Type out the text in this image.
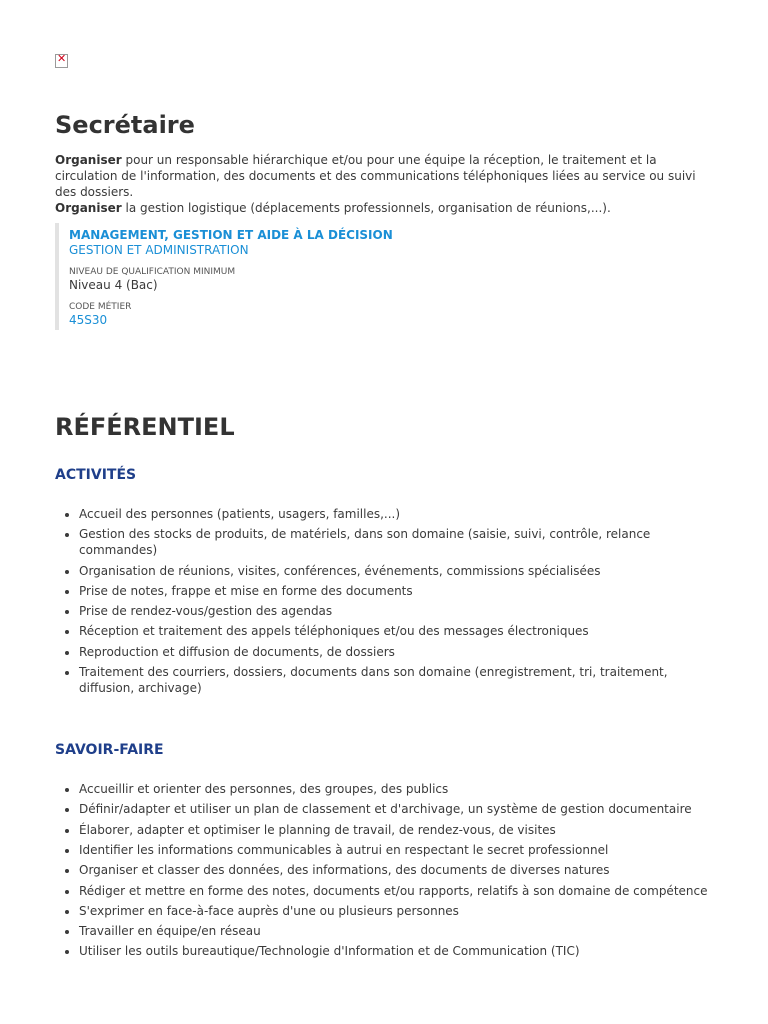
✕
Secrétaire
Organiser pour un responsable hiérarchique et/ou pour une équipe la réception, le traitement et la circulation de l'information, des documents et des communications téléphoniques liées au service ou suivi des dossiers.
Organiser la gestion logistique (déplacements professionnels, organisation de réunions,...).
MANAGEMENT, GESTION ET AIDE À LA DÉCISION
GESTION ET ADMINISTRATION
NIVEAU DE QUALIFICATION MINIMUM
Niveau 4 (Bac)
CODE MÉTIER
45S30
RÉFÉRENTIEL
ACTIVITÉS
• Accueil des personnes (patients, usagers, familles,...)
• Gestion des stocks de produits, de matériels, dans son domaine (saisie, suivi, contrôle, relance commandes)
• Organisation de réunions, visites, conférences, événements, commissions spécialisées
• Prise de notes, frappe et mise en forme des documents
• Prise de rendez-vous/gestion des agendas
• Réception et traitement des appels téléphoniques et/ou des messages électroniques
• Reproduction et diffusion de documents, de dossiers
• Traitement des courriers, dossiers, documents dans son domaine (enregistrement, tri, traitement, diffusion, archivage)
SAVOIR-FAIRE
• Accueillir et orienter des personnes, des groupes, des publics
• Définir/adapter et utiliser un plan de classement et d'archivage, un système de gestion documentaire
• Élaborer, adapter et optimiser le planning de travail, de rendez-vous, de visites
• Identifier les informations communicables à autrui en respectant le secret professionnel
• Organiser et classer des données, des informations, des documents de diverses natures
• Rédiger et mettre en forme des notes, documents et/ou rapports, relatifs à son domaine de compétence
• S'exprimer en face-à-face auprès d'une ou plusieurs personnes
• Travailler en équipe/en réseau
• Utiliser les outils bureautique/Technologie d'Information et de Communication (TIC)
